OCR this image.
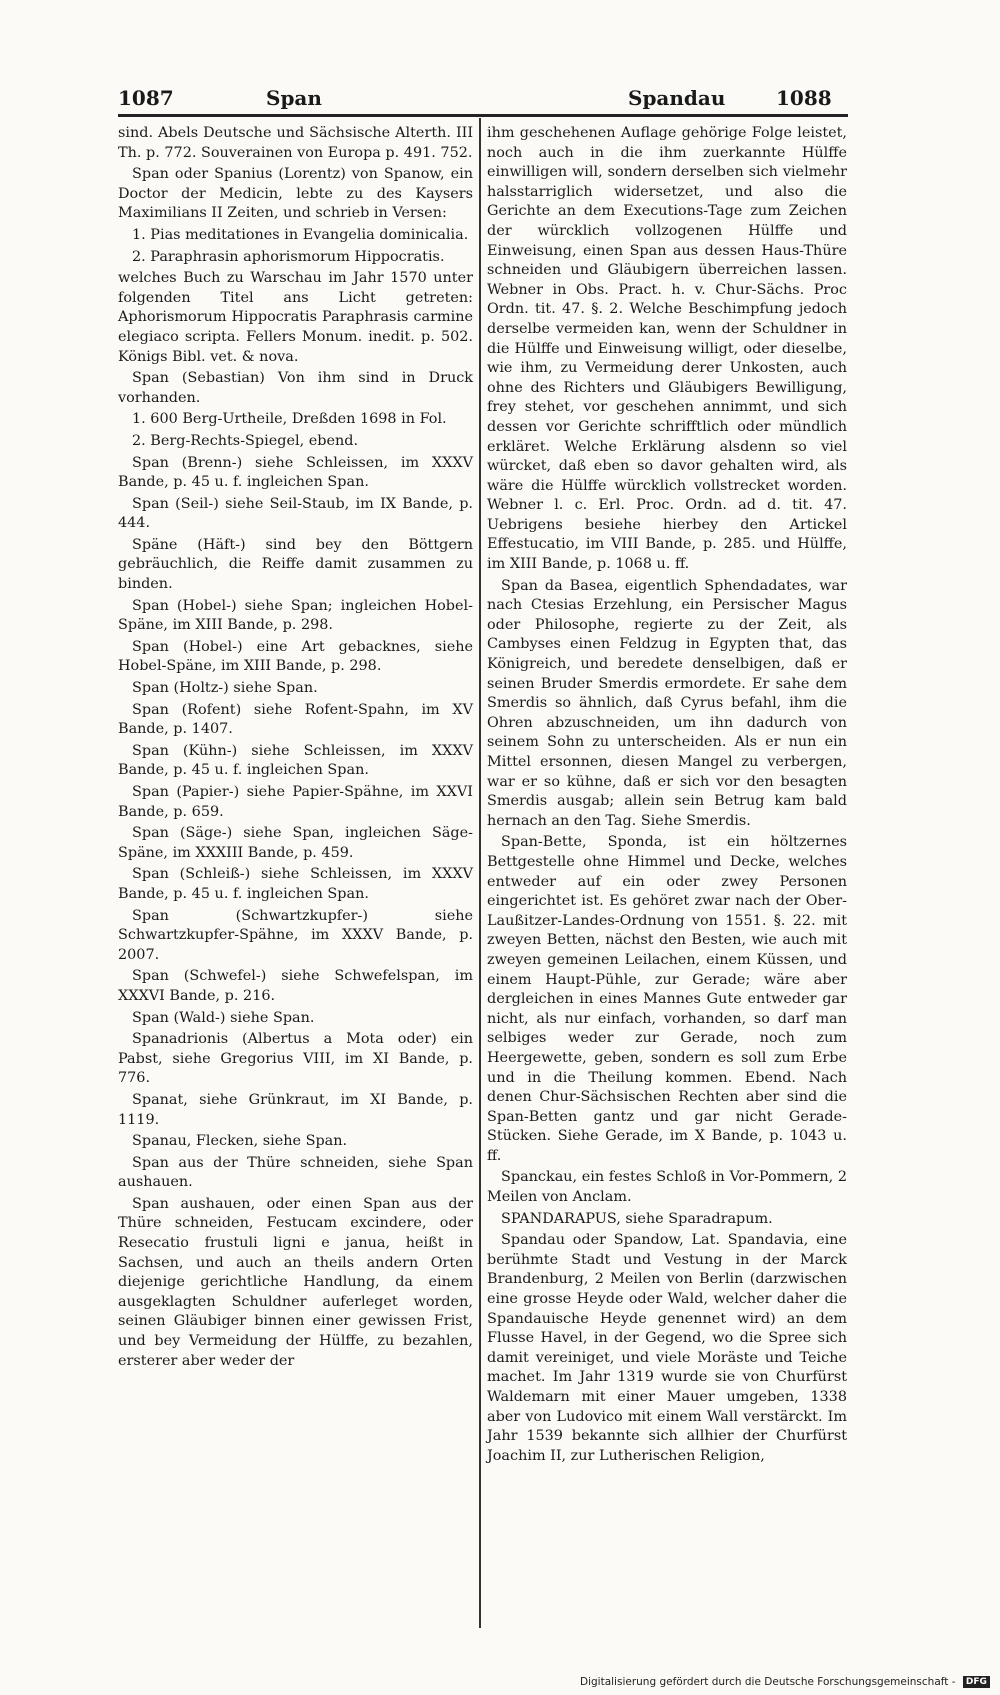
1087	Span	Spandau	1088

sind. Abels Deutsche und Sächsische Alterth. III Th. p. 772. Souverainen von Europa p. 491. 752.

Span oder Spanius (Lorentz) von Spanow, ein Doctor der Medicin, lebte zu des Kaysers Maximilians II Zeiten, und schrieb in Versen:

1. Pias meditationes in Evangelia dominicalia.

2. Paraphrasin aphorismorum Hippocratis.

welches Buch zu Warschau im Jahr 1570 unter folgenden Titel ans Licht getreten: Aphorismorum Hippocratis Paraphrasis carmine elegiaco scripta. Fellers Monum. inedit. p. 502. Königs Bibl. vet. & nova.

Span (Sebastian) Von ihm sind in Druck vorhanden.

1. 600 Berg-Urtheile, Dreßden 1698 in Fol.

2. Berg-Rechts-Spiegel, ebend.

Span (Brenn-) siehe Schleissen, im XXXV Bande, p. 45 u. f. ingleichen Span.

Span (Seil-) siehe Seil-Staub, im IX Bande, p. 444.

Späne (Häft-) sind bey den Böttgern gebräuchlich, die Reiffe damit zusammen zu binden.

Span (Hobel-) siehe Span; ingleichen Hobel-Späne, im XIII Bande, p. 298.

Span (Hobel-) eine Art gebacknes, siehe Hobel-Späne, im XIII Bande, p. 298.

Span (Holtz-) siehe Span.

Span (Rofent) siehe Rofent-Spahn, im XV Bande, p. 1407.

Span (Kühn-) siehe Schleissen, im XXXV Bande, p. 45 u. f. ingleichen Span.

Span (Papier-) siehe Papier-Spähne, im XXVI Bande, p. 659.

Span (Säge-) siehe Span, ingleichen Säge-Späne, im XXXIII Bande, p. 459.

Span (Schleiß-) siehe Schleissen, im XXXV Bande, p. 45 u. f. ingleichen Span.

Span (Schwartzkupfer-) siehe Schwartzkupfer-Spähne, im XXXV Bande, p. 2007.

Span (Schwefel-) siehe Schwefelspan, im XXXVI Bande, p. 216.

Span (Wald-) siehe Span.

Spanadrionis (Albertus a Mota oder) ein Pabst, siehe Gregorius VIII, im XI Bande, p. 776.

Spanat, siehe Grünkraut, im XI Bande, p. 1119.

Spanau, Flecken, siehe Span.

Span aus der Thüre schneiden, siehe Span aushauen.

Span aushauen, oder einen Span aus der Thüre schneiden, Festucam excindere, oder Resecatio frustuli ligni e janua, heißt in Sachsen, und auch an theils andern Orten diejenige gerichtliche Handlung, da einem ausgeklagten Schuldner auferleget worden, seinen Gläubiger binnen einer gewissen Frist, und bey Vermeidung der Hülffe, zu bezahlen, ersterer aber weder der

ihm geschehenen Auflage gehörige Folge leistet, noch auch in die ihm zuerkannte Hülffe einwilligen will, sondern derselben sich vielmehr halsstarriglich widersetzet, und also die Gerichte an dem Executions-Tage zum Zeichen der würcklich vollzogenen Hülffe und Einweisung, einen Span aus dessen Haus-Thüre schneiden und Gläubigern überreichen lassen. Webner in Obs. Pract. h. v. Chur-Sächs. Proc Ordn. tit. 47. §. 2. Welche Beschimpfung jedoch derselbe vermeiden kan, wenn der Schuldner in die Hülffe und Einweisung willigt, oder dieselbe, wie ihm, zu Vermeidung derer Unkosten, auch ohne des Richters und Gläubigers Bewilligung, frey stehet, vor geschehen annimmt, und sich dessen vor Gerichte schrifftlich oder mündlich erkläret. Welche Erklärung alsdenn so viel würcket, daß eben so davor gehalten wird, als wäre die Hülffe würcklich vollstrecket worden. Webner l. c. Erl. Proc. Ordn. ad d. tit. 47. Uebrigens besiehe hierbey den Artickel Effestucatio, im VIII Bande, p. 285. und Hülffe, im XIII Bande, p. 1068 u. ff.

Span da Basea, eigentlich Sphendadates, war nach Ctesias Erzehlung, ein Persischer Magus oder Philosophe, regierte zu der Zeit, als Cambyses einen Feldzug in Egypten that, das Königreich, und beredete denselbigen, daß er seinen Bruder Smerdis ermordete. Er sahe dem Smerdis so ähnlich, daß Cyrus befahl, ihm die Ohren abzuschneiden, um ihn dadurch von seinem Sohn zu unterscheiden. Als er nun ein Mittel ersonnen, diesen Mangel zu verbergen, war er so kühne, daß er sich vor den besagten Smerdis ausgab; allein sein Betrug kam bald hernach an den Tag. Siehe Smerdis.

Span-Bette, Sponda, ist ein höltzernes Bettgestelle ohne Himmel und Decke, welches entweder auf ein oder zwey Personen eingerichtet ist. Es gehöret zwar nach der Ober-Laußitzer-Landes-Ordnung von 1551. §. 22. mit zweyen Betten, nächst den Besten, wie auch mit zweyen gemeinen Leilachen, einem Küssen, und einem Haupt-Pühle, zur Gerade; wäre aber dergleichen in eines Mannes Gute entweder gar nicht, als nur einfach, vorhanden, so darf man selbiges weder zur Gerade, noch zum Heergewette, geben, sondern es soll zum Erbe und in die Theilung kommen. Ebend. Nach denen Chur-Sächsischen Rechten aber sind die Span-Betten gantz und gar nicht Gerade-Stücken. Siehe Gerade, im X Bande, p. 1043 u. ff.

Spanckau, ein festes Schloß in Vor-Pommern, 2 Meilen von Anclam.

SPANDARAPUS, siehe Sparadrapum.

Spandau oder Spandow, Lat. Spandavia, eine berühmte Stadt und Vestung in der Marck Brandenburg, 2 Meilen von Berlin (darzwischen eine grosse Heyde oder Wald, welcher daher die Spandauische Heyde genennet wird) an dem Flusse Havel, in der Gegend, wo die Spree sich damit vereiniget, und viele Moräste und Teiche machet. Im Jahr 1319 wurde sie von Churfürst Waldemarn mit einer Mauer umgeben, 1338 aber von Ludovico mit einem Wall verstärckt. Im Jahr 1539 bekannte sich allhier der Churfürst Joachim II, zur Lutherischen Religion,

Digitalisierung gefördert durch die Deutsche Forschungsgemeinschaft - DFG
